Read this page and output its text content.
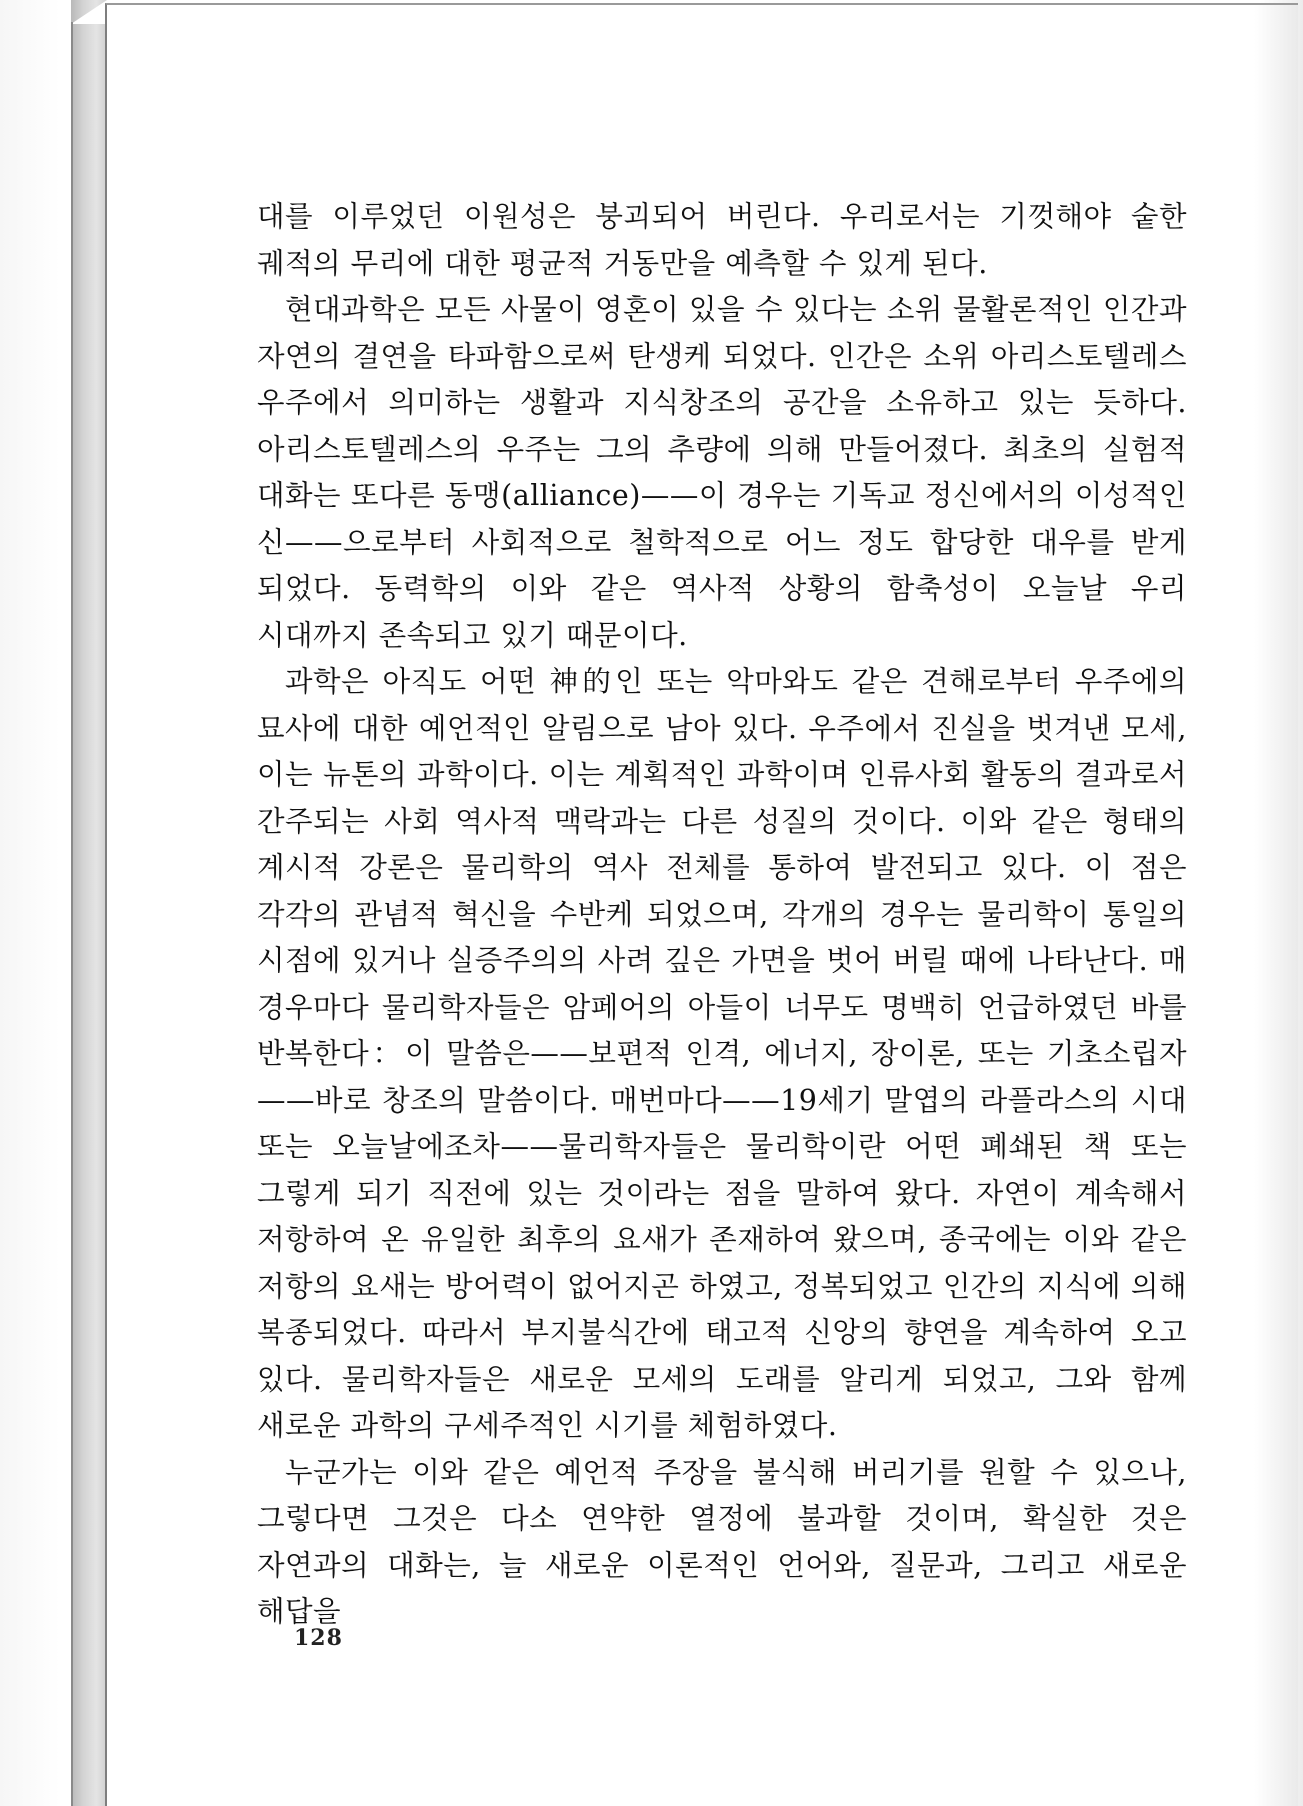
대를 이루었던 이원성은 붕괴되어 버린다. 우리로서는 기껏해야 숱한 궤적의 무리에 대한 평균적 거동만을 예측할 수 있게 된다.

현대과학은 모든 사물이 영혼이 있을 수 있다는 소위 물활론적인 인간과 자연의 결연을 타파함으로써 탄생케 되었다. 인간은 소위 아리스토텔레스 우주에서 의미하는 생활과 지식창조의 공간을 소유하고 있는 듯하다. 아리스토텔레스의 우주는 그의 추량에 의해 만들어졌다. 최초의 실험적 대화는 또다른 동맹(alliance)——이 경우는 기독교 정신에서의 이성적인 신——으로부터 사회적으로 철학적으로 어느 정도 합당한 대우를 받게 되었다. 동력학의 이와 같은 역사적 상황의 함축성이 오늘날 우리 시대까지 존속되고 있기 때문이다.

과학은 아직도 어떤 神的인 또는 악마와도 같은 견해로부터 우주에의 묘사에 대한 예언적인 알림으로 남아 있다. 우주에서 진실을 벗겨낸 모세, 이는 뉴톤의 과학이다. 이는 계획적인 과학이며 인류사회 활동의 결과로서 간주되는 사회 역사적 맥락과는 다른 성질의 것이다. 이와 같은 형태의 계시적 강론은 물리학의 역사 전체를 통하여 발전되고 있다. 이 점은 각각의 관념적 혁신을 수반케 되었으며, 각개의 경우는 물리학이 통일의 시점에 있거나 실증주의의 사려 깊은 가면을 벗어 버릴 때에 나타난다. 매 경우마다 물리학자들은 암페어의 아들이 너무도 명백히 언급하였던 바를 반복한다：이 말씀은——보편적 인격, 에너지, 장이론, 또는 기초소립자——바로 창조의 말씀이다. 매번마다——19세기 말엽의 라플라스의 시대 또는 오늘날에조차——물리학자들은 물리학이란 어떤 폐쇄된 책 또는 그렇게 되기 직전에 있는 것이라는 점을 말하여 왔다. 자연이 계속해서 저항하여 온 유일한 최후의 요새가 존재하여 왔으며, 종국에는 이와 같은 저항의 요새는 방어력이 없어지곤 하였고, 정복되었고 인간의 지식에 의해 복종되었다. 따라서 부지불식간에 태고적 신앙의 향연을 계속하여 오고 있다. 물리학자들은 새로운 모세의 도래를 알리게 되었고, 그와 함께 새로운 과학의 구세주적인 시기를 체험하였다.

누군가는 이와 같은 예언적 주장을 불식해 버리기를 원할 수 있으나, 그렇다면 그것은 다소 연약한 열정에 불과할 것이며, 확실한 것은 자연과의 대화는, 늘 새로운 이론적인 언어와, 질문과, 그리고 새로운 해답을

128
